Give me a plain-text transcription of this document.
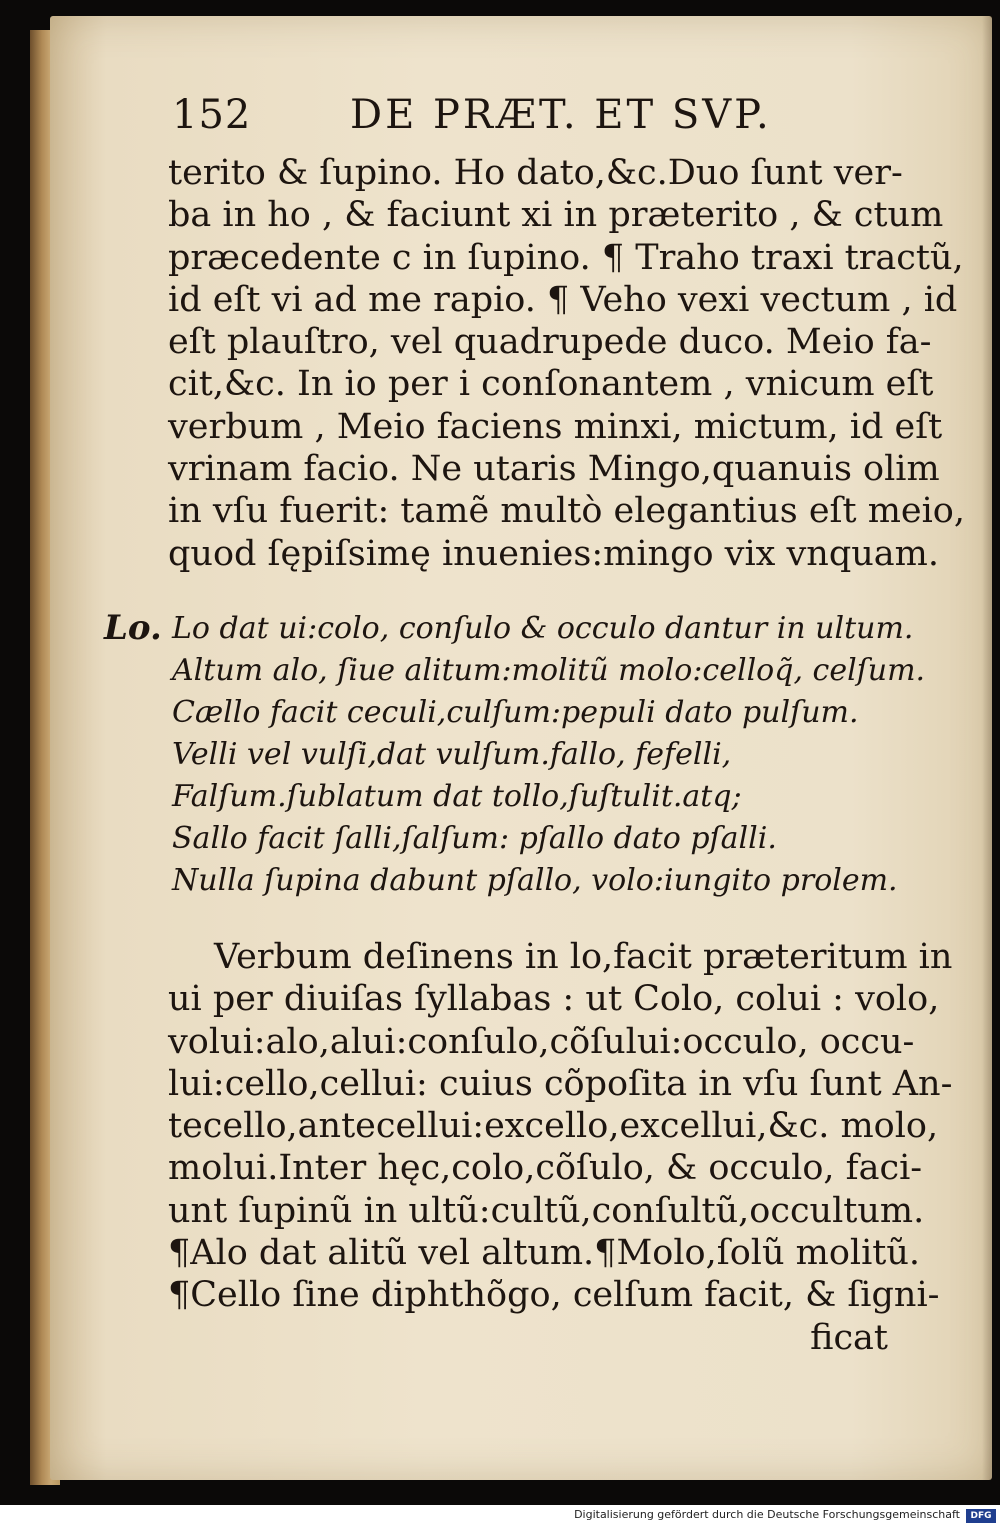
152 DE PRÆT. ET SVP.
terito & ſupino. Ho dato,&c.Duo ſunt ver-
ba in ho , & faciunt xi in præterito , & ctum
præcedente c in ſupino. ¶ Traho traxi tractũ,
id eſt vi ad me rapio. ¶ Veho vexi vectum , id
eſt plauſtro, vel quadrupede duco. Meio fa-
cit,&c. In io per i conſonantem , vnicum eſt
verbum , Meio faciens minxi, mictum, id eſt
vrinam facio. Ne utaris Mingo,quanuis olim
in vſu fuerit: tamẽ multò elegantius eſt meio,
quod ſępiſsimę inuenies:mingo vix vnquam.
Lo. Lo dat ui:colo, conſulo & occulo dantur in ultum.
Altum alo, ſiue alitum:molitũ molo:celloq̃, celſum.
Cællo facit ceculi,culſum:pepuli dato pulſum.
Velli vel vulſi,dat vulſum.fallo, fefelli,
Falſum.ſublatum dat tollo,ſuſtulit.atq;
Sallo facit ſalli,ſalſum: pſallo dato pſalli.
Nulla ſupina dabunt pſallo, volo:iungito prolem.
Verbum deſinens in lo,facit præteritum in
ui per diuiſas ſyllabas : ut Colo, colui : volo,
volui:alo,alui:conſulo,cõſului:occulo, occu-
lui:cello,cellui: cuius cõpoſita in vſu ſunt An-
tecello,antecellui:excello,excellui,&c. molo,
molui.Inter hęc,colo,cõſulo, & occulo, faci-
unt ſupinũ in ultũ:cultũ,conſultũ,occultum.
¶Alo dat alitũ vel altum.¶Molo,ſolũ molitũ.
¶Cello ſine diphthõgo, celſum facit, & ſigni-
ficat
Digitalisierung gefördert durch die Deutsche Forschungsgemeinschaft	DFG
